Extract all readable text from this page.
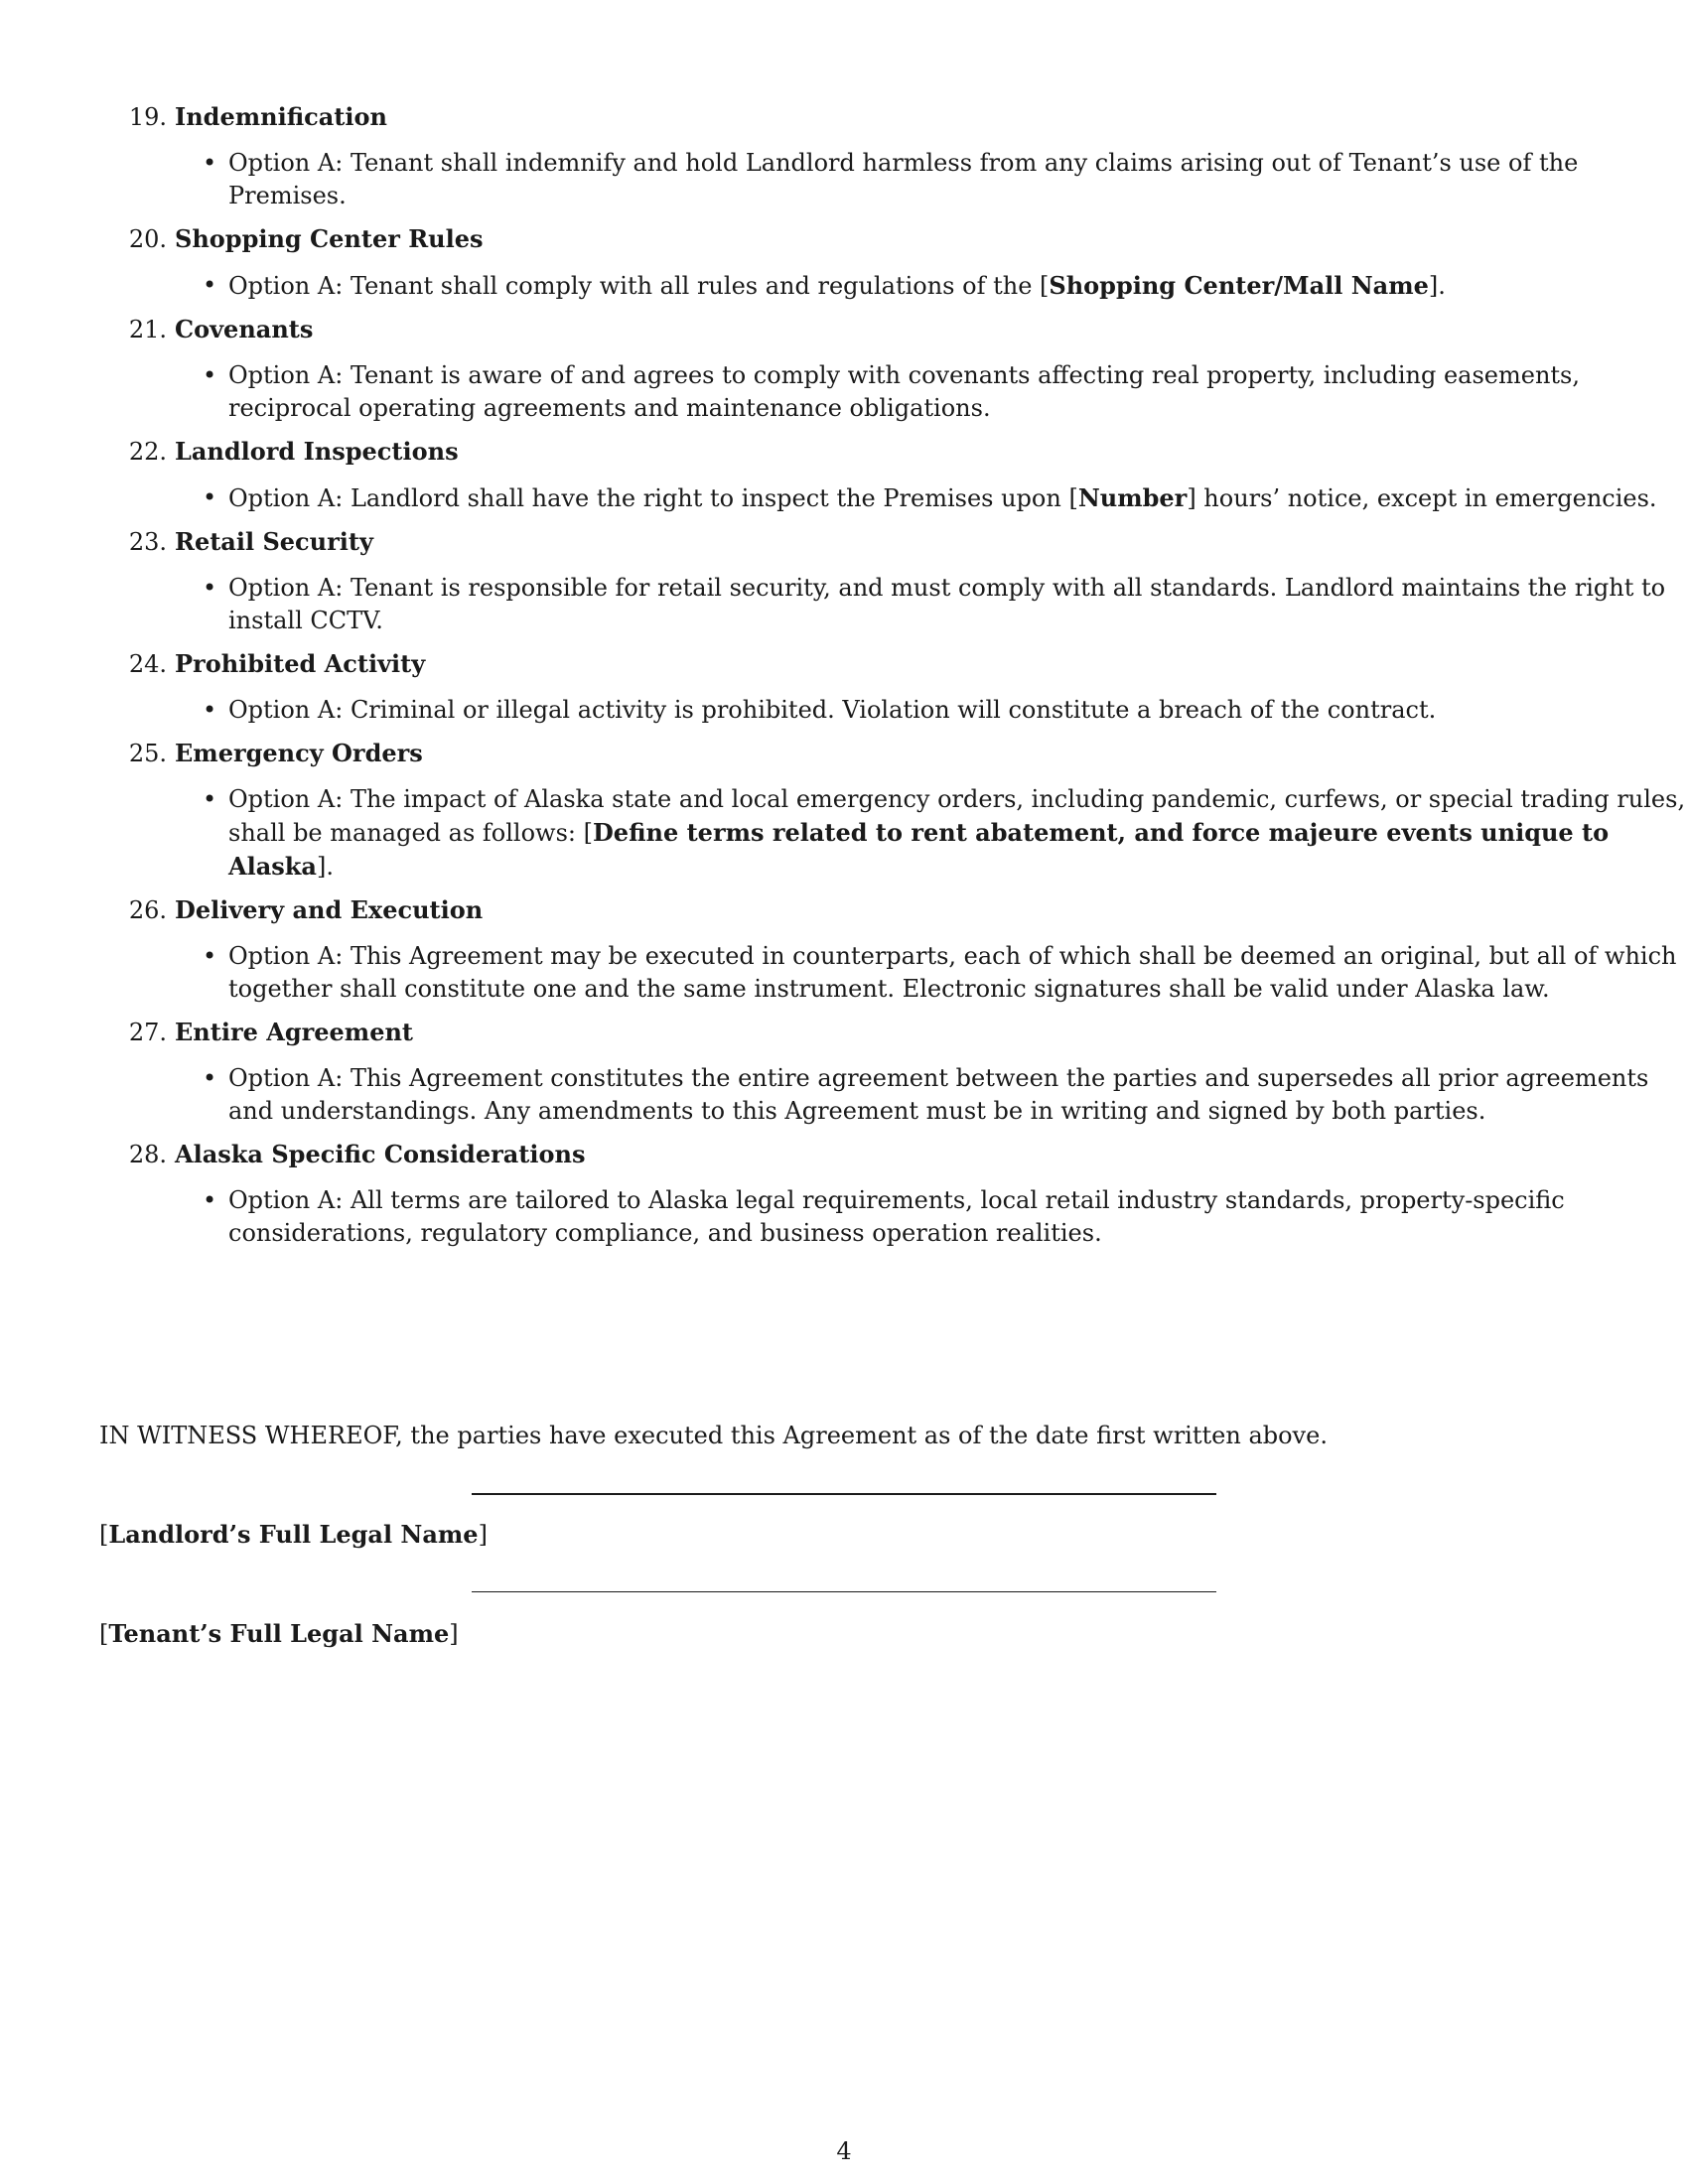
19. Indemnification
• Option A: Tenant shall indemnify and hold Landlord harmless from any claims arising out of Tenant’s use of the Premises.
20. Shopping Center Rules
• Option A: Tenant shall comply with all rules and regulations of the [Shopping Center/Mall Name].
21. Covenants
• Option A: Tenant is aware of and agrees to comply with covenants affecting real property, including easements, reciprocal operating agreements and maintenance obligations.
22. Landlord Inspections
• Option A: Landlord shall have the right to inspect the Premises upon [Number] hours’ notice, except in emergencies.
23. Retail Security
• Option A: Tenant is responsible for retail security, and must comply with all standards. Landlord maintains the right to install CCTV.
24. Prohibited Activity
• Option A: Criminal or illegal activity is prohibited. Violation will constitute a breach of the contract.
25. Emergency Orders
• Option A: The impact of Alaska state and local emergency orders, including pandemic, curfews, or special trading rules, shall be managed as follows: [Define terms related to rent abatement, and force majeure events unique to Alaska].
26. Delivery and Execution
• Option A: This Agreement may be executed in counterparts, each of which shall be deemed an original, but all of which together shall constitute one and the same instrument. Electronic signatures shall be valid under Alaska law.
27. Entire Agreement
• Option A: This Agreement constitutes the entire agreement between the parties and supersedes all prior agreements and understandings. Any amendments to this Agreement must be in writing and signed by both parties.
28. Alaska Specific Considerations
• Option A: All terms are tailored to Alaska legal requirements, local retail industry standards, property-specific considerations, regulatory compliance, and business operation realities.
IN WITNESS WHEREOF, the parties have executed this Agreement as of the date first written above.
[Landlord’s Full Legal Name]
[Tenant’s Full Legal Name]
4
